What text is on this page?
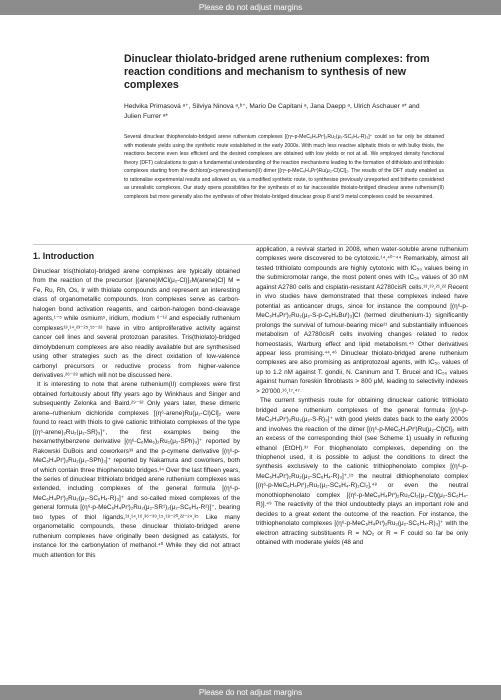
Please do not adjust margins
Dinuclear thiolato-bridged arene ruthenium complexes: from reaction conditions and mechanism to synthesis of new complexes
Hedvika Primasová ᵃ⁺, Silviya Ninova ᵃ,ᵇ⁺, Mario De Capitani ᵃ, Jana Daepp ᵃ, Ulrich Aschauer ᵃ* and
Julien Furrer ᵃ*
Several dinuclear thiophenolato-bridged arene ruthenium complexes [(η⁶-p-MeC₆H₄Prⁱ)₂Ru₂(μ₂-SC₆H₄-R)₃]⁺ could so far only be obtained with moderate yields using the synthetic route established in the early 2000s. With much less reactive aliphatic thiols or with bulky thiols, the reactions become even less efficient and the desired complexes are obtained with low yields or not at all. We employed density functional theory (DFT) calculations to gain a fundamental understanding of the reaction mechanisms leading to the formation of dithiolato and trithiolato complexes starting from the dichloro(p-cymene)ruthenium(II) dimer [(η⁶-p-MeC₆H₄Prⁱ)Ru(μ₂-Cl)Cl]₂. The results of the DFT study enabled us to rationalise experimental results and allowed us, via a modified synthetic route, to synthesise previously unreported and hitherto considered as unrealistic complexes. Our study opens possibilities for the synthesis of so far inaccessible thiolato-bridged dinuclear arene ruthenium(II) complexes but more generally also the synthesis of other thiolato-bridged dinuclear group 8 and 9 metal complexes could be reexamined.
1. Introduction

Dinuclear tris(thiolato)-bridged arene complexes are typically obtained from the reaction of the precursor [(arene)MCl(μ₂-Cl)]₂M(arene)Cl] M = Fe, Ru, Rh, Os, Ir with thiolate compounds and represent an interesting class of organometallic compounds. Iron complexes serve as carbon-halogen bond activation reagents, and carbon-halogen bond-cleavage agents,¹⁻⁵ while osmium⁵, iridium, rhodium ⁶⁻¹² and especially ruthenium complexes¹³,¹⁴,²³⁻²⁵,¹⁵⁻²² have in vitro antiproliferative activity against cancer cell lines and several protozoan parasites. Tris(thiolato)-bridged dimolybdenum complexes are also readily available but are synthesised using other strategies such as the direct oxidation of low-valence carbonyl precursors or reductive process from higher-valence derivatives.²⁶⁻²⁸ which will not be discussed here.

It is interesting to note that arene ruthenium(II) complexes were first obtained fortuitously about fifty years ago by Winkhaus and Singer and subsequently Zelonka and Baird.²⁹⁻³² Only years later, these dimeric arene–ruthenium dichloride complexes [(η⁶-arene)Ru(μ₂-Cl)Cl]₂ were found to react with thiols to give cationic trithiolato complexes of the type [(η⁶-arene)₂Ru₂(μ₂-SR)₃]⁺, the first examples being the hexamethylbenzene derivative [(η⁶-C₆Me₆)₂Ru₂(μ₂-SPh)₃]⁺ reported by Rakowski DuBois and coworkers³³ and the p-cymene derivative [(η⁶-p-MeC₆H₄Prⁱ)₂Ru₂(μ₂-SPh)₃]⁺ reported by Nakamura and coworkers, both of which contain three thiophenolato bridges.³⁴ Over the last fifteen years, the series of dinuclear trithiolato bridged arene ruthenium complexes was extended, including complexes of the general formula [(η⁶-p-MeC₆H₄Prⁱ)₂Ru₂(μ₂-SC₆H₄-R)₃]⁺ and so-called mixed complexes of the general formula [(η⁶-p-MeC₆H₄Prⁱ)₂Ru₂(μ₂-SR¹)₂(μ₂-SC₆H₄-R²)]⁺, bearing two types of thiol ligands,¹³,¹⁴,¹⁶,³⁶⁻³⁹,¹⁵,¹⁸⁻²⁰,²²⁻²⁴,³⁵ Like many organometallic compounds, these dinuclear thiolato-bridged arene ruthenium complexes have originally been designed as catalysts, for instance for the carbonylation of methanol.⁴⁰ While they did not attract much attention for this

application, a revival started in 2008, when water-soluble arene ruthenium complexes were discovered to be cytotoxic.¹⁴,⁴⁰⁻⁴⁴ Remarkably, almost all tested trithiolato compounds are highly cytotoxic with IC₅₀ values being in the submicromolar range, the most potent ones with IC₅₀ values of 30 nM against A2780 cells and cisplatin-resistant A2780cisR cells.¹³,¹⁹,²¹,²² Recent in vivo studies have demonstrated that these complexes indeed have potential as anticancer drugs, since for instance the compound [(η⁶-p-MeC₆H₄Prⁱ)₂Ru₂(μ₂-S-p-C₆H₄Buᵗ)₃]Cl (termed diruthenium-1) significantly prolongs the survival of tumour-bearing mice²¹ and substantially influences metabolism of A2780cisR cells involving changes related to redox homeostasis, Warburg effect and lipid metabolism.⁴⁵ Other derivatives appear less promising.⁴⁴,⁴⁶ Dinuclear thiolato-bridged arene ruthenium complexes are also promising as antiprotozoal agents, with IC₅₀ values of up to 1.2 nM against T. gondii, N. Caninum and T. Brucei and IC₅₀ values against human foreskin fibroblasts > 800 μM, leading to selectivity indexes > 20'000.¹⁶,¹⁷,⁴⁷

The current synthesis route for obtaining dinuclear cationic trithiolato bridged arene ruthenium complexes of the general formula [(η⁶-p-MeC₆H₄Prⁱ)₂Ru₂(μ₂-S-R)₃]⁺ with good yields dates back to the early 2000s and involves the reaction of the dimer [(η⁶-p-MeC₆H₄Prⁱ)Ru(μ₂-Cl)Cl]₂ with an excess of the corresponding thiol (see Scheme 1) usually in refluxing ethanol (EtOH).³⁷ For thiophenolato complexes, depending on the thiophenol used, it is possible to adjust the conditions to direct the synthesis exclusively to the cationic trithiophenolato complex [(η⁶-p-MeC₆H₄Prⁱ)₂Ru₂(μ₂-SC₆H₄-R)₃]⁺,¹⁵ the neutral dithiophenolato complex [(η⁶-p-MeC₆H₄Prⁱ)₂Ru₂(μ₂-SC₆H₄-R)₂Cl₂],⁴⁸ or even the neutral monothiophenolato complex [(η⁶-p-MeC₆H₄Prⁱ)₂Ru₂Cl₂(μ₂-Cl)(μ₂-SC₆H₄-R)].⁴⁹ The reactivity of the thiol undoubtedly plays an important role and decides to a great extent the outcome of the reaction. For instance, the trithiophenolato complexes [(η⁶-p-MeC₆H₄Prⁱ)₂Ru₂(μ₂-SC₆H₄-R)₃]⁺ with the electron attracting substituents R = NO₂ or R = F could so far be only obtained with moderate yields (48 and

Please do not adjust margins
